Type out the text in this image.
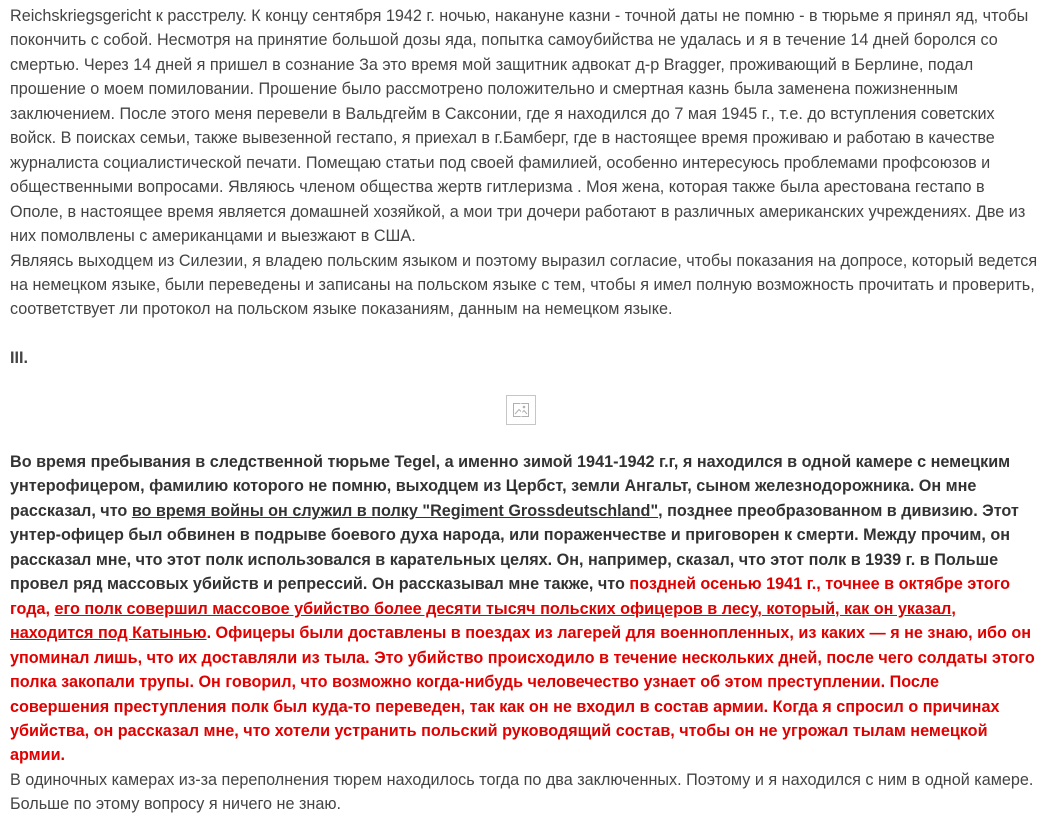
Reichskriegsgericht к расстрелу. К концу сентября 1942 г. ночью, накануне казни - точной даты не помню - в тюрьме я принял яд, чтобы покончить с собой. Несмотря на принятие большой дозы яда, попытка самоубийства не удалась и я в течение 14 дней боролся со смертью. Через 14 дней я пришел в сознание За это время мой защитник адвокат д-р Bragger, проживающий в Берлине, подал прошение о моем помиловании. Прошение было рассмотрено положительно и смертная казнь была заменена пожизненным заключением. После этого меня перевели в Вальдгейм в Саксонии, где я находился до 7 мая 1945 г., т.е. до вступления советских войск. В поисках семьи, также вывезенной гестапо, я приехал в г.Бамберг, где в настоящее время проживаю и работаю в качестве журналиста социалистической печати. Помещаю статьи под своей фамилией, особенно интересуюсь проблемами профсоюзов и общественными вопросами. Являюсь членом общества жертв гитлеризма . Моя жена, которая также была арестована гестапо в Ополе, в настоящее время является домашней хозяйкой, а мои три дочери работают в различных американских учреждениях. Две из них помолвлены с американцами и выезжают в США.

Являясь выходцем из Силезии, я владею польским языком и поэтому выразил согласие, чтобы показания на допросе, который ведется на немецком языке, были переведены и записаны на польском языке с тем, чтобы я имел полную возможность прочитать и проверить, соответствует ли протокол на польском языке показаниям, данным на немецком языке.

III.

Во время пребывания в следственной тюрьме Tegel, а именно зимой 1941-1942 г.г, я находился в одной камере с немецким унтерофицером, фамилию которого не помню, выходцем из Цербст, земли Ангальт, сыном железнодорожника. Он мне рассказал, что во время войны он служил в полку "Regiment Grossdeutschland", позднее преобразованном в дивизию. Этот унтер-офицер был обвинен в подрыве боевого духа народа, или пораженчестве и приговорен к смерти. Между прочим, он рассказал мне, что этот полк использовался в карательных целях. Он, например, сказал, что этот полк в 1939 г. в Польше провел ряд массовых убийств и репрессий. Он рассказывал мне также, что поздней осенью 1941 г., точнее в октябре этого года, его полк совершил массовое убийство более десяти тысяч польских офицеров в лесу, который, как он указал, находится под Катынью. Офицеры были доставлены в поездах из лагерей для военнопленных, из каких — я не знаю, ибо он упоминал лишь, что их доставляли из тыла. Это убийство происходило в течение нескольких дней, после чего солдаты этого полка закопали трупы. Он говорил, что возможно когда-нибудь человечество узнает об этом преступлении. После совершения преступления полк был куда-то переведен, так как он не входил в состав армии. Когда я спросил о причинах убийства, он рассказал мне, что хотели устранить польский руководящий состав, чтобы он не угрожал тылам немецкой армии.

В одиночных камерах из-за переполнения тюрем находилось тогда по два заключенных. Поэтому и я находился с ним в одной камере. Больше по этому вопросу я ничего не знаю.
